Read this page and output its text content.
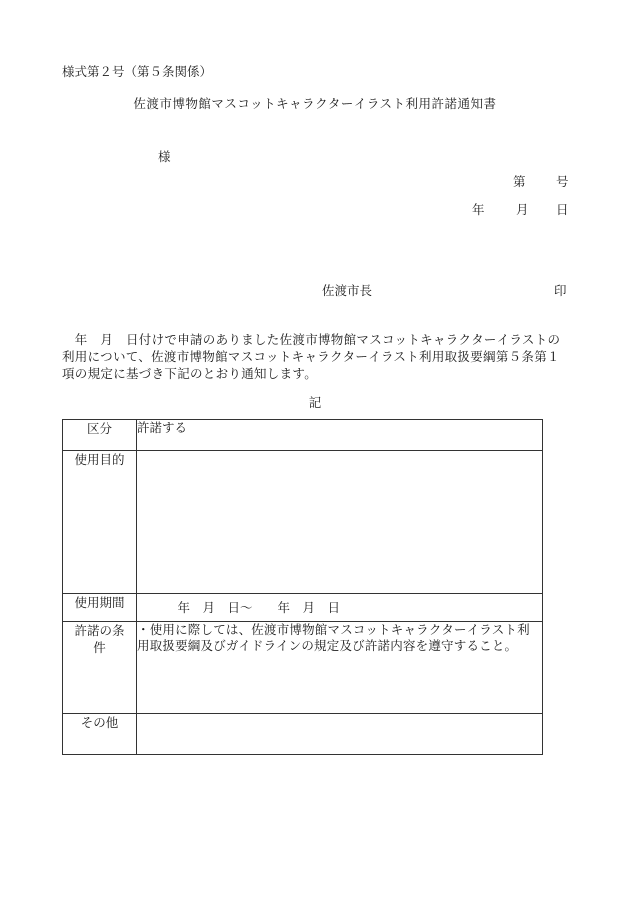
様式第２号（第５条関係）
佐渡市博物館マスコットキャラクターイラスト利用許諾通知書
様
第 号
年	月 日
佐渡市長	印
　年　月　日付けで申請のありました佐渡市博物館マスコットキャラクターイラストの利用について、佐渡市博物館マスコットキャラクターイラスト利用取扱要綱第５条第１項の規定に基づき下記のとおり通知します。
記
区分	許諾する
使用目的	
使用期間	　年　月　日〜　　年　月　日
許諾の条件	・使用に際しては、佐渡市博物館マスコットキャラクターイラスト利用取扱要綱及びガイドラインの規定及び許諾内容を遵守すること。

その他	
